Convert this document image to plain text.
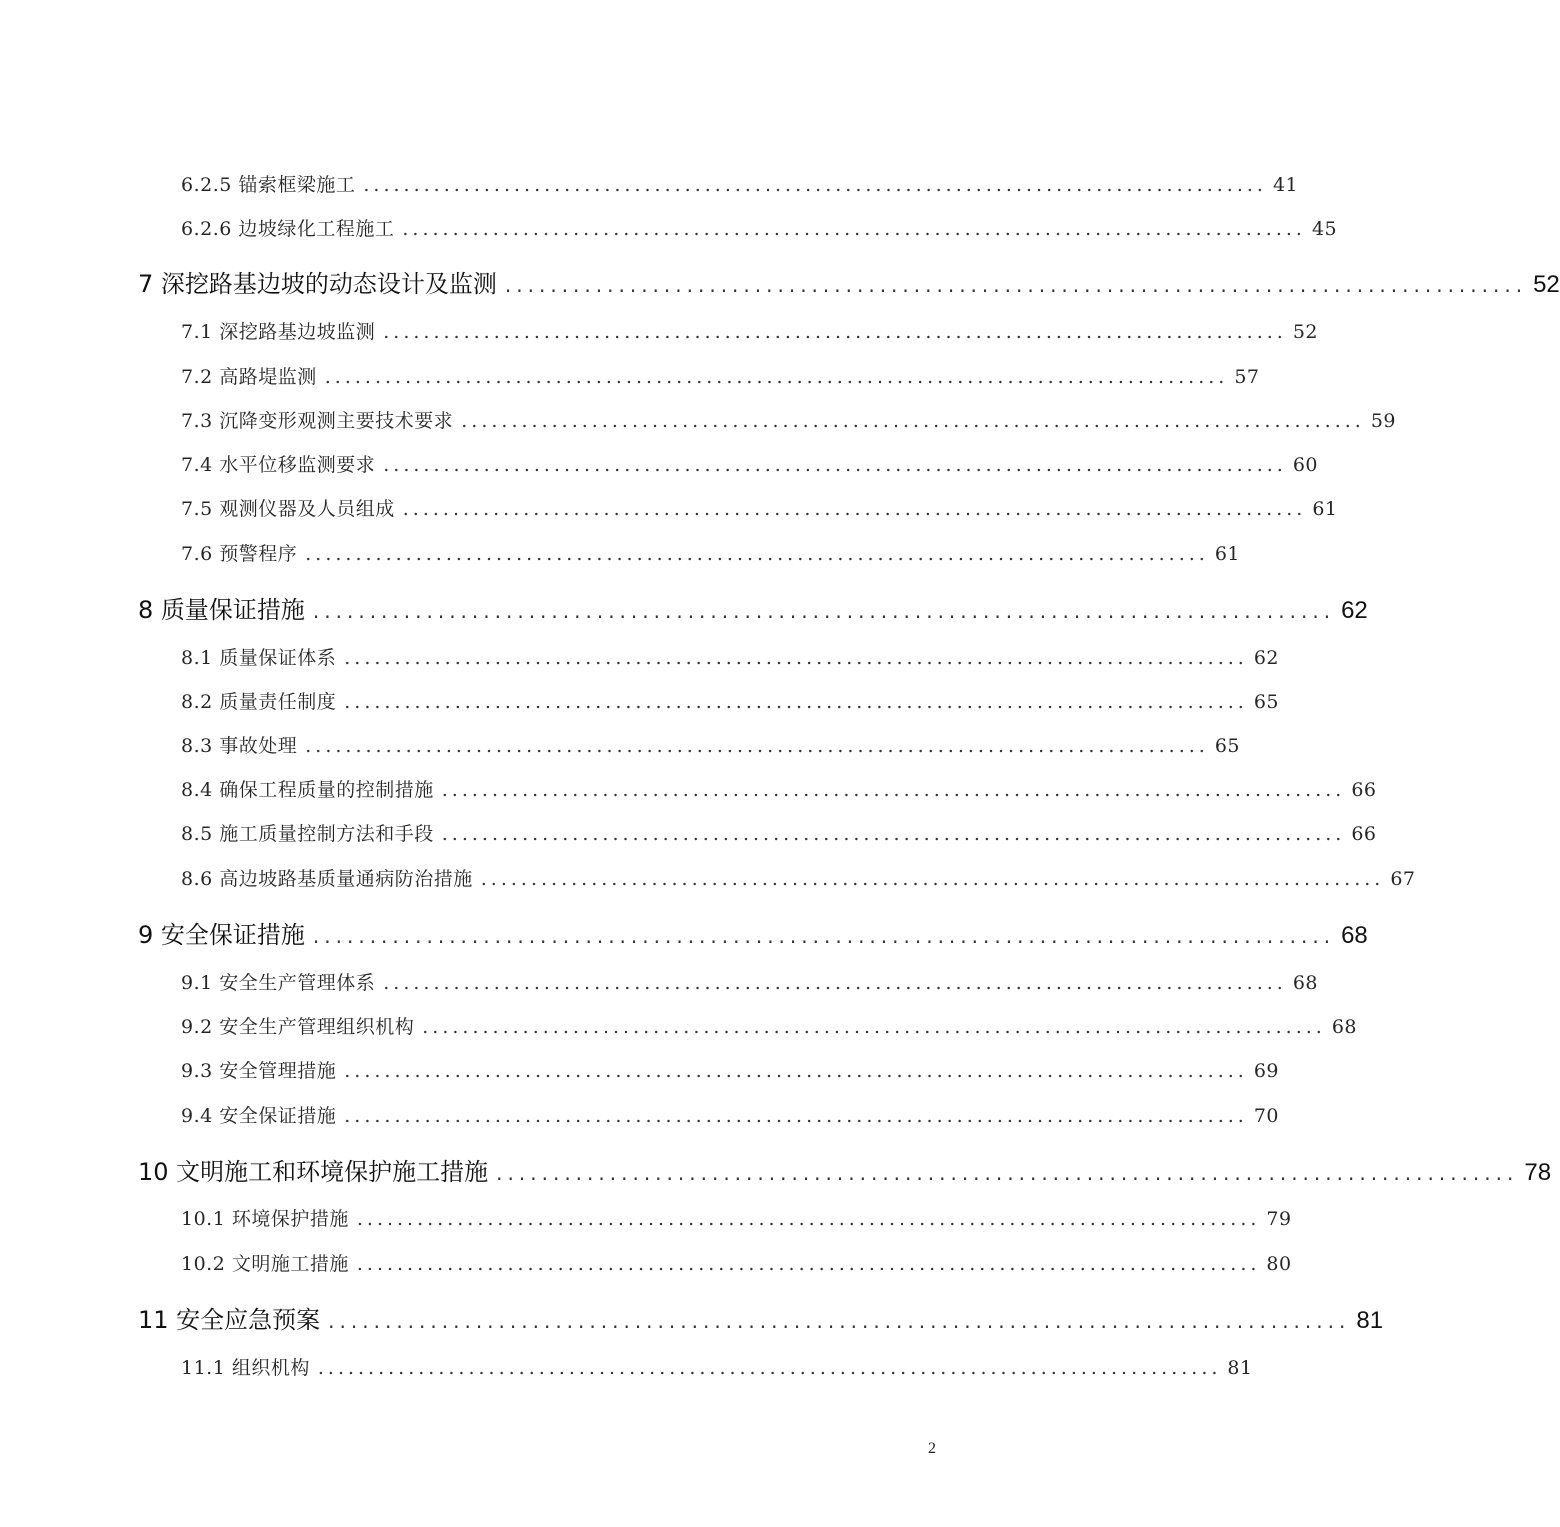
6.2.5 锚索框梁施工 .......................................................................................... 41
6.2.6 边坡绿化工程施工 .......................................................................................... 45
7 深挖路基边坡的动态设计及监测 .......................................................................................... 52
7.1 深挖路基边坡监测 .......................................................................................... 52
7.2 高路堤监测 .......................................................................................... 57
7.3 沉降变形观测主要技术要求 .......................................................................................... 59
7.4 水平位移监测要求 .......................................................................................... 60
7.5 观测仪器及人员组成 .......................................................................................... 61
7.6 预警程序 .......................................................................................... 61
8 质量保证措施 .......................................................................................... 62
8.1 质量保证体系 .......................................................................................... 62
8.2 质量责任制度 .......................................................................................... 65
8.3 事故处理 .......................................................................................... 65
8.4 确保工程质量的控制措施 .......................................................................................... 66
8.5 施工质量控制方法和手段 .......................................................................................... 66
8.6 高边坡路基质量通病防治措施 .......................................................................................... 67
9 安全保证措施 .......................................................................................... 68
9.1 安全生产管理体系 .......................................................................................... 68
9.2 安全生产管理组织机构 .......................................................................................... 68
9.3 安全管理措施 .......................................................................................... 69
9.4 安全保证措施 .......................................................................................... 70
10 文明施工和环境保护施工措施 .......................................................................................... 78
10.1 环境保护措施 .......................................................................................... 79
10.2 文明施工措施 .......................................................................................... 80
11 安全应急预案 .......................................................................................... 81
11.1 组织机构 .......................................................................................... 81
2
